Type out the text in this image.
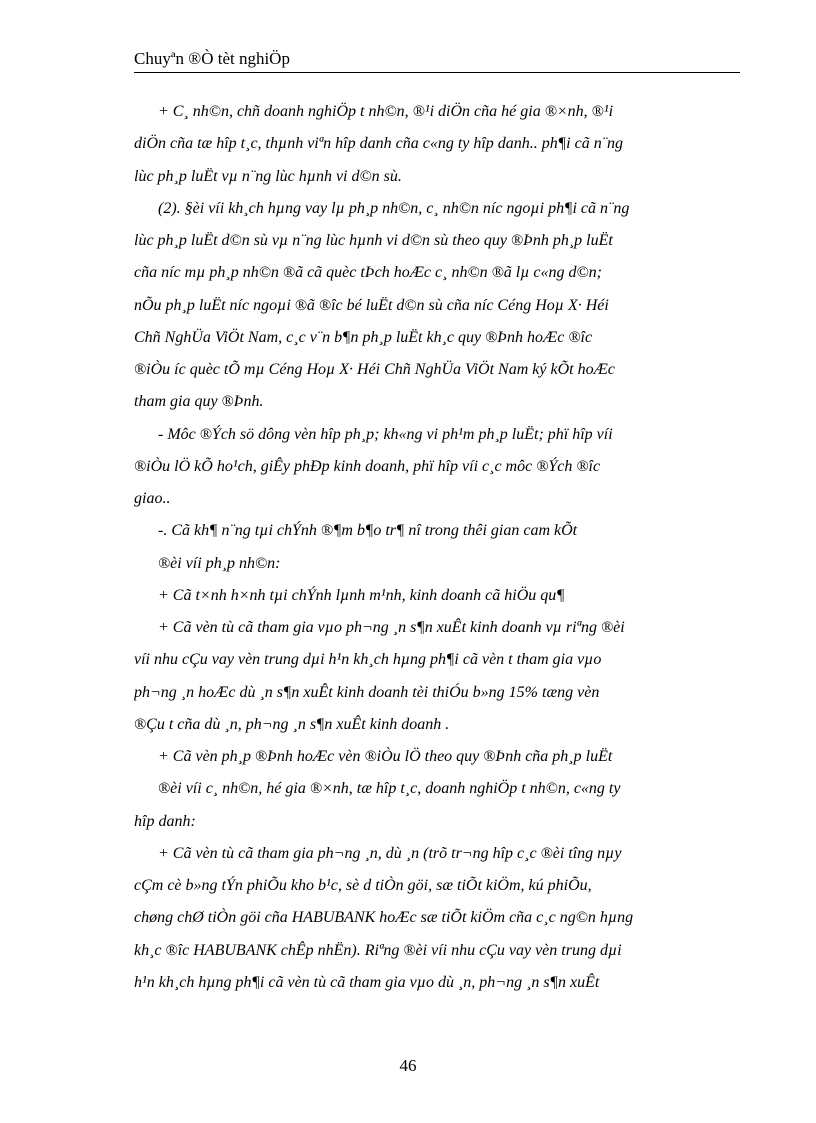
Chuyªn ®Ò tèt nghiÖp
+ C¸ nh©n, chñ doanh nghiÖp t nh©n, ®¹i diÖn cña hé gia ®×nh, ®¹i
diÖn cña tæ hîp t¸c, thµnh viªn hîp danh cña c«ng ty hîp danh.. ph¶i cã n¨ng
lùc ph¸p luËt vµ n¨ng lùc hµnh vi d©n sù.
(2). §èi víi kh¸ch hµng vay lµ ph¸p nh©n, c¸ nh©n níc ngoµi ph¶i cã n¨ng
lùc ph¸p luËt d©n sù vµ n¨ng lùc hµnh vi d©n sù theo quy ®Þnh ph¸p luËt
cña níc mµ ph¸p nh©n ®ã cã quèc tÞch hoÆc c¸ nh©n ®ã lµ c«ng d©n;
nÕu ph¸p luËt níc ngoµi ®ã ®îc bé luËt d©n sù cña níc Céng Hoµ X· Héi
Chñ NghÜa ViÖt Nam, c¸c v¨n b¶n ph¸p luËt kh¸c quy ®Þnh hoÆc ®îc
®iÒu íc quèc tÕ mµ Céng Hoµ X· Héi Chñ NghÜa ViÖt Nam ký kÕt hoÆc
tham gia quy ®Þnh.
- Môc ®Ých sö dông vèn hîp ph¸p; kh«ng vi ph¹m ph¸p luËt; phï hîp víi
®iÒu lÖ kÕ ho¹ch, giÊy phÐp kinh doanh, phï hîp víi c¸c môc ®Ých ®îc
giao..
-. Cã kh¶ n¨ng tµi chÝnh ®¶m b¶o tr¶ nî trong thêi gian cam kÕt
®èi víi ph¸p nh©n:
+ Cã t×nh h×nh tµi chÝnh lµnh m¹nh, kinh doanh cã hiÖu qu¶
+ Cã vèn tù cã tham gia vµo ph¬ng ¸n s¶n xuÊt kinh doanh vµ riªng ®èi
víi nhu cÇu vay vèn trung dµi h¹n kh¸ch hµng ph¶i cã vèn t tham gia vµo
ph¬ng ¸n hoÆc dù ¸n s¶n xuÊt kinh doanh tèi thiÓu b»ng 15% tæng vèn
®Çu t cña dù ¸n, ph¬ng ¸n s¶n xuÊt kinh doanh .
+ Cã vèn ph¸p ®Þnh hoÆc vèn ®iÒu lÖ theo quy ®Þnh cña ph¸p luËt
®èi víi c¸ nh©n, hé gia ®×nh, tæ hîp t¸c, doanh nghiÖp t nh©n, c«ng ty
hîp danh:
+ Cã vèn tù cã tham gia ph¬ng ¸n, dù ¸n (trõ tr¬ng hîp c¸c ®èi tîng nµy
cÇm cè b»ng tÝn phiÕu kho b¹c, sè d tiÒn göi, sæ tiÕt kiÖm, kú phiÕu,
chøng chØ tiÒn göi cña HABUBANK hoÆc sæ tiÕt kiÖm cña c¸c ng©n hµng
kh¸c ®îc HABUBANK chÊp nhËn). Riªng ®èi víi nhu cÇu vay vèn trung dµi
h¹n kh¸ch hµng ph¶i cã vèn tù cã tham gia vµo dù ¸n, ph¬ng ¸n s¶n xuÊt
46
